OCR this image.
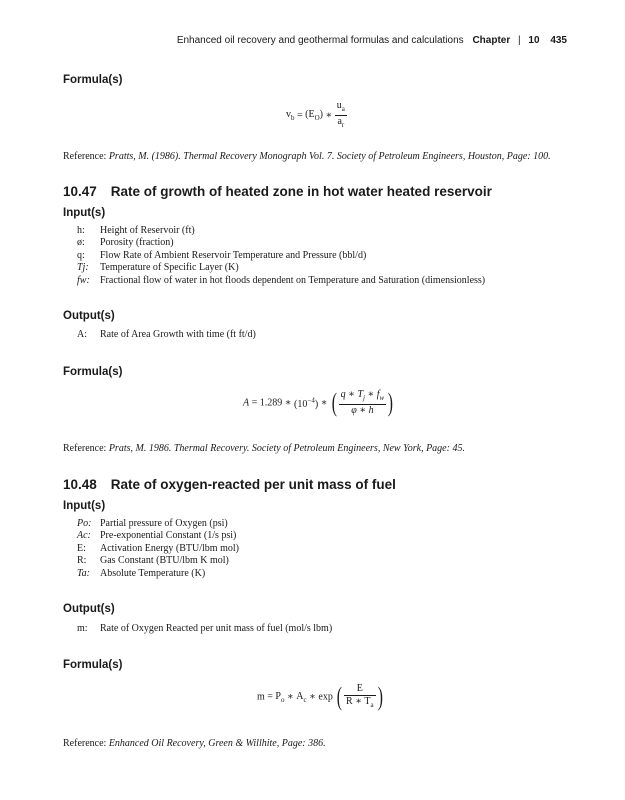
Enhanced oil recovery and geothermal formulas and calculations Chapter | 10 435
Formula(s)
$v_b = (E_O)$ ∗ $\frac{u_a}{a_r}$
Reference: Pratts, M. (1986). Thermal Recovery Monograph Vol. 7. Society of Petroleum Engineers, Houston, Page: 100.
10.47 Rate of growth of heated zone in hot water heated reservoir
Input(s)
h: Height of Reservoir (ft)
ø: Porosity (fraction)
q: Flow Rate of Ambient Reservoir Temperature and Pressure (bbl/d)
Tj: Temperature of Specific Layer (K)
fw: Fractional flow of water in hot floods dependent on Temperature and Saturation (dimensionless)
Output(s)
A: Rate of Area Growth with time (ft ft/d)
Formula(s)
A = 1.289 ∗ $(10^{-4})$ ∗ ( $\frac{q ∗ T_j ∗ f_w}{\varphi ∗ h}$ )
Reference: Prats, M. 1986. Thermal Recovery. Society of Petroleum Engineers, New York, Page: 45.
10.48 Rate of oxygen-reacted per unit mass of fuel
Input(s)
Po: Partial pressure of Oxygen (psi)
Ac: Pre-exponential Constant (1/s psi)
E: Activation Energy (BTU/lbm mol)
R: Gas Constant (BTU/lbm K mol)
Ta: Absolute Temperature (K)
Output(s)
m: Rate of Oxygen Reacted per unit mass of fuel (mol/s lbm)
Formula(s)
$m = P_o$ ∗ $A_c$ ∗ exp ( $\frac{E}{R ∗ T_a}$ )
Reference: Enhanced Oil Recovery, Green & Willhite, Page: 386.
